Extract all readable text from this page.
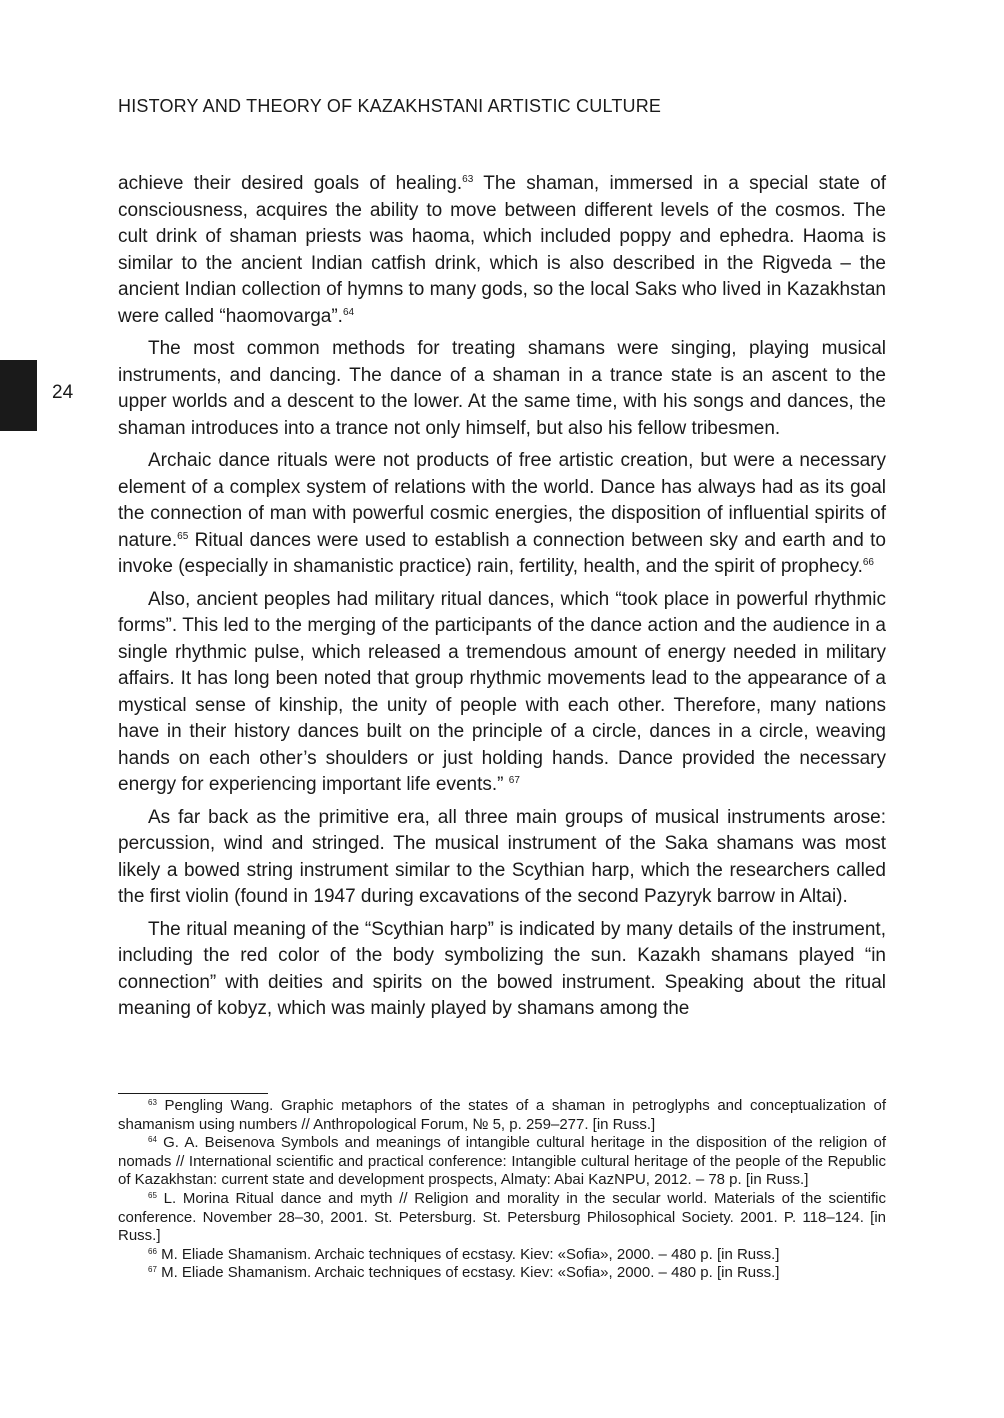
HISTORY AND THEORY OF KAZAKHSTANI ARTISTIC CULTURE
24

achieve their desired goals of healing.$^{63}$ The shaman, immersed in a special state of consciousness, acquires the ability to move between different levels of the cosmos. The cult drink of shaman priests was haoma, which included poppy and ephedra. Haoma is similar to the ancient Indian catfish drink, which is also described in the Rigveda – the ancient Indian collection of hymns to many gods, so the local Saks who lived in Kazakhstan were called “haomovarga”.$^{64}$

The most common methods for treating shamans were singing, playing musical instruments, and dancing. The dance of a shaman in a trance state is an ascent to the upper worlds and a descent to the lower. At the same time, with his songs and dances, the shaman introduces into a trance not only himself, but also his fellow tribesmen.

Archaic dance rituals were not products of free artistic creation, but were a necessary element of a complex system of relations with the world. Dance has always had as its goal the connection of man with powerful cosmic energies, the disposition of influential spirits of nature.$^{65}$ Ritual dances were used to establish a connection between sky and earth and to invoke (especially in shamanistic practice) rain, fertility, health, and the spirit of prophecy.$^{66}$

Also, ancient peoples had military ritual dances, which “took place in powerful rhythmic forms”. This led to the merging of the participants of the dance action and the audience in a single rhythmic pulse, which released a tremendous amount of energy needed in military affairs. It has long been noted that group rhythmic movements lead to the appearance of a mystical sense of kinship, the unity of people with each other. Therefore, many nations have in their history dances built on the principle of a circle, dances in a circle, weaving hands on each other’s shoulders or just holding hands. Dance provided the necessary energy for experiencing important life events.” $^{67}$

As far back as the primitive era, all three main groups of musical instruments arose: percussion, wind and stringed. The musical instrument of the Saka shamans was most likely a bowed string instrument similar to the Scythian harp, which the researchers called the first violin (found in 1947 during excavations of the second Pazyryk barrow in Altai).

The ritual meaning of the “Scythian harp” is indicated by many details of the instrument, including the red color of the body symbolizing the sun. Kazakh shamans played “in connection” with deities and spirits on the bowed instrument. Speaking about the ritual meaning of kobyz, which was mainly played by shamans among the

$^{63}$ Pengling Wang. Graphic metaphors of the states of a shaman in petroglyphs and conceptualization of shamanism using numbers // Anthropological Forum, № 5, p. 259–277. [in Russ.]

$^{64}$ G. A. Beisenova Symbols and meanings of intangible cultural heritage in the disposition of the religion of nomads // International scientific and practical conference: Intangible cultural heritage of the people of the Republic of Kazakhstan: current state and development prospects, Almaty: Abai KazNPU, 2012. – 78 p. [in Russ.]

$^{65}$ L. Morina Ritual dance and myth // Religion and morality in the secular world. Materials of the scientific conference. November 28–30, 2001. St. Petersburg. St. Petersburg Philosophical Society. 2001. P. 118–124. [in Russ.]

$^{66}$ M. Eliade Shamanism. Archaic techniques of ecstasy. Kiev: «Sofia», 2000. – 480 p. [in Russ.]

$^{67}$ M. Eliade Shamanism. Archaic techniques of ecstasy. Kiev: «Sofia», 2000. – 480 p. [in Russ.]
